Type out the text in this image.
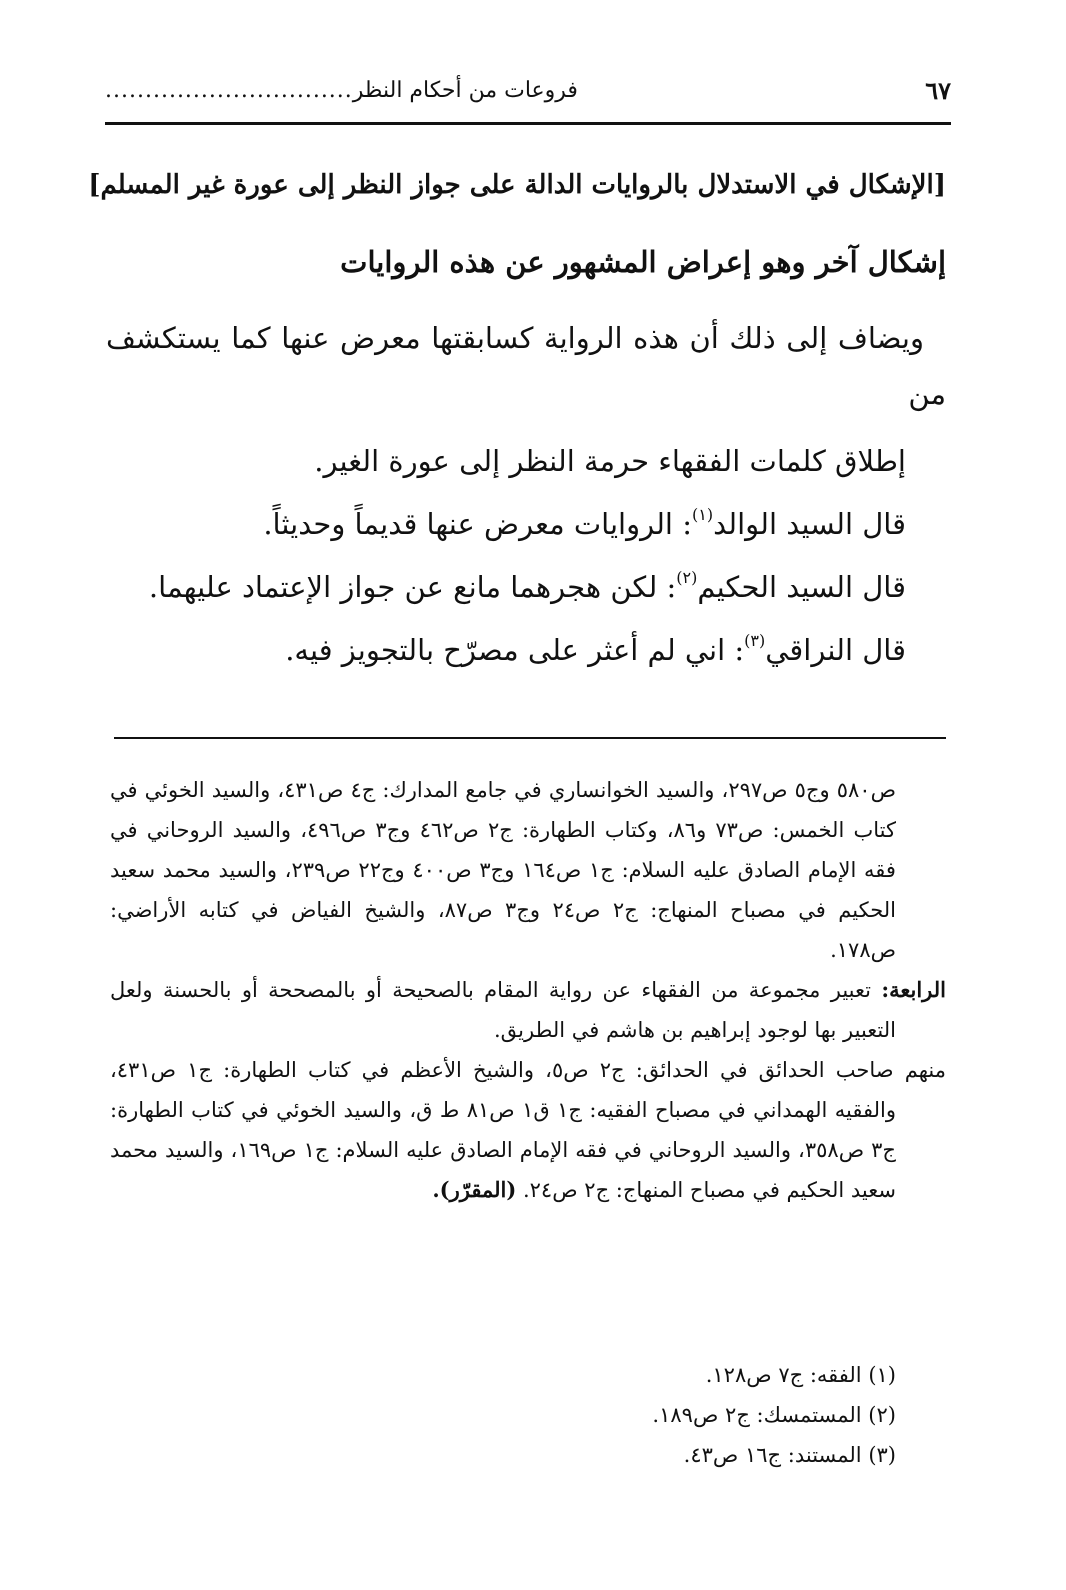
٦٧
فروعات من أحكام النظر
...............................
[الإشكال في الاستدلال بالروايات الدالة على جواز النظر إلى عورة غير المسلم]
إشكال آخر وهو إعراض المشهور عن هذه الروايات
ويضاف إلى ذلك أن هذه الرواية كسابقتها معرض عنها كما يستكشف من
إطلاق كلمات الفقهاء حرمة النظر إلى عورة الغير.
قال السيد الوالد$^{(١)}$: الروايات معرض عنها قديماً وحديثاً.
قال السيد الحكيم$^{(٢)}$: لكن هجرهما مانع عن جواز الإعتماد عليهما.
قال النراقي$^{(٣)}$: اني لم أعثر على مصرّح بالتجويز فيه.
ص٥٨٠ وج٥ ص٢٩٧، والسيد الخوانساري في جامع المدارك: ج٤ ص٤٣١، والسيد الخوئي في كتاب الخمس: ص٧٣ و٨٦، وكتاب الطهارة: ج٢ ص٤٦٢ وج٣ ص٤٩٦، والسيد الروحاني في فقه الإمام الصادق عليه السلام: ج١ ص١٦٤ وج٣ ص٤٠٠ وج٢٢ ص٢٣٩، والسيد محمد سعيد الحكيم في مصباح المنهاج: ج٢ ص٢٤ وج٣ ص٨٧، والشيخ الفياض في كتابه الأراضي: ص١٧٨.
الرابعة: تعبير مجموعة من الفقهاء عن رواية المقام بالصحيحة أو بالمصححة أو بالحسنة ولعل التعبير بها لوجود إبراهيم بن هاشم في الطريق.
منهم صاحب الحدائق في الحدائق: ج٢ ص٥، والشيخ الأعظم في كتاب الطهارة: ج١ ص٤٣١، والفقيه الهمداني في مصباح الفقيه: ج١ ق١ ص٨١ ط ق، والسيد الخوئي في كتاب الطهارة: ج٣ ص٣٥٨، والسيد الروحاني في فقه الإمام الصادق عليه السلام: ج١ ص١٦٩، والسيد محمد سعيد الحكيم في مصباح المنهاج: ج٢ ص٢٤. (المقرّر).
(١) الفقه: ج٧ ص١٢٨.
(٢) المستمسك: ج٢ ص١٨٩.
(٣) المستند: ج١٦ ص٤٣.
